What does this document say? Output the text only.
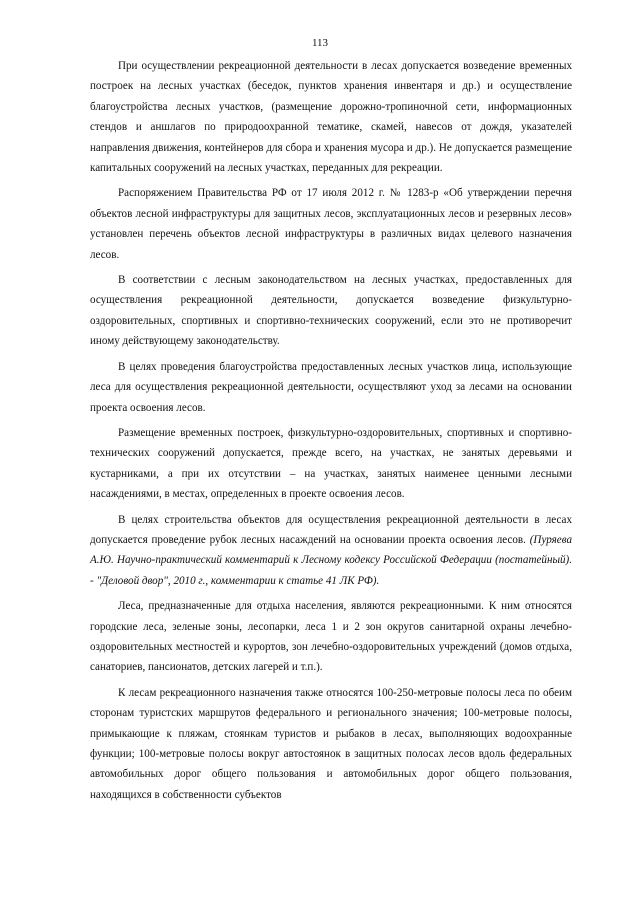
113

При осуществлении рекреационной деятельности в лесах допускается возведение временных построек на лесных участках (беседок, пунктов хранения инвентаря и др.) и осуществление благоустройства лесных участков, (размещение дорожно-тропиночной сети, информационных стендов и аншлагов по природоохранной тематике, скамей, навесов от дождя, указателей направления движения, контейнеров для сбора и хранения мусора и др.). Не допускается размещение капитальных сооружений на лесных участках, переданных для рекреации.

Распоряжением Правительства РФ от 17 июля 2012 г. № 1283-р «Об утверждении перечня объектов лесной инфраструктуры для защитных лесов, эксплуатационных лесов и резервных лесов» установлен перечень объектов лесной инфраструктуры в различных видах целевого назначения лесов.

В соответствии с лесным законодательством на лесных участках, предоставленных для осуществления рекреационной деятельности, допускается возведение физкультурно-оздоровительных, спортивных и спортивно-технических сооружений, если это не противоречит иному действующему законодательству.

В целях проведения благоустройства предоставленных лесных участков лица, использующие леса для осуществления рекреационной деятельности, осуществляют уход за лесами на основании проекта освоения лесов.

Размещение временных построек, физкультурно-оздоровительных, спортивных и спортивно-технических сооружений допускается, прежде всего, на участках, не занятых деревьями и кустарниками, а при их отсутствии – на участках, занятых наименее ценными лесными насаждениями, в местах, определенных в проекте освоения лесов.

В целях строительства объектов для осуществления рекреационной деятельности в лесах допускается проведение рубок лесных насаждений на основании проекта освоения лесов. (Пуряева А.Ю. Научно-практический комментарий к Лесному кодексу Российской Федерации (постатейный). - "Деловой двор", 2010 г., комментарии к статье 41 ЛК РФ).

Леса, предназначенные для отдыха населения, являются рекреационными. К ним относятся городские леса, зеленые зоны, лесопарки, леса 1 и 2 зон округов санитарной охраны лечебно-оздоровительных местностей и курортов, зон лечебно-оздоровительных учреждений (домов отдыха, санаториев, пансионатов, детских лагерей и т.п.).

К лесам рекреационного назначения также относятся 100-250-метровые полосы леса по обеим сторонам туристских маршрутов федерального и регионального значения; 100-метровые полосы, примыкающие к пляжам, стоянкам туристов и рыбаков в лесах, выполняющих водоохранные функции; 100-метровые полосы вокруг автостоянок в защитных полосах лесов вдоль федеральных автомобильных дорог общего пользования и автомобильных дорог общего пользования, находящихся в собственности субъектов
